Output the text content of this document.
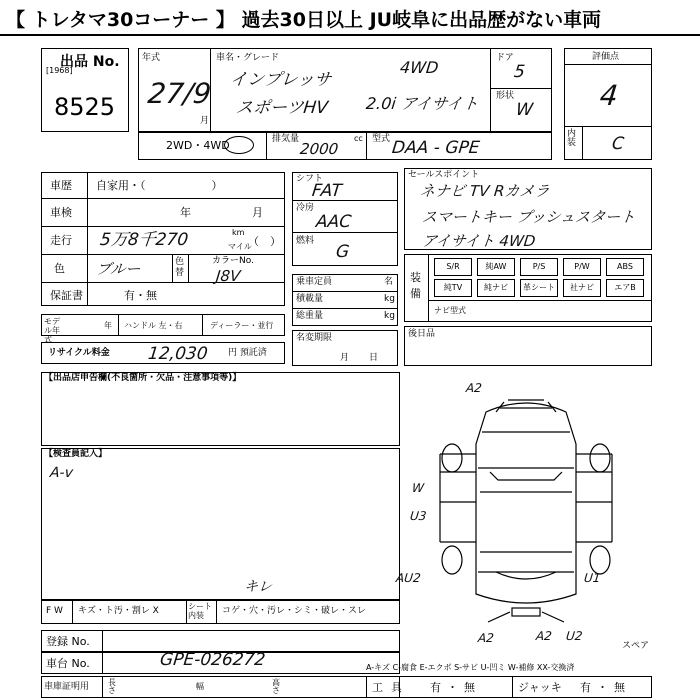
【 トレタマ30コーナー 】 過去30日以上 JU岐阜に出品歴がない車両
出品 No.
[1968]
8525
年式
27/9
月
車名・グレード
インプレッサ
4WD
スポーツHV 2.0i アイサイト
ドア
5
形状
W
評価点
4
内装 C
2WD・4WD	排気量	cc
2000
型式 DAA - GPE
車歴 自家用・（　　　　　　）
車検	年	月
走行 5万8千270	km
マイル
（　）
色 ブルー	色替
カラーNo.
J8V
保証書	有・無
モデル年式
年 ハンドル 左・右	ディーラー・並行
リサイクル料金 12,030 円 預託済
シフト
FAT
冷房
AAC
燃料
G
乗車定員	名
積載量	kg
総重量	kg
名変期限
月日
セールスポイント
ネナビ TV Rカメラ
スマートキー プッシュスタート
アイサイト 4WD
装備
S/R	純AW	P/S	P/W	ABS
純TV	純ナビ	革シート	社ナビ	エアB
ナビ型式
後日品
【出品店申告欄(不良箇所・欠品・注意事項等)】
【検査員記入】
A-v
A2
U3
W
AU2	U1
A2	A2 U2
スペア
F W キズ・ト汚・割レ X	シート内装	コゲ・穴・汚レ・シミ・破レ・スレ
キレ
登録 No.
車台 No.	GPE-026272
車庫証明用 長さ	幅	高さ
A-キズ C-腐食 E-エクボ S-サビ U-凹ミ W-補修 XX-交換済
工具 有・無	ジャッキ 有・無
